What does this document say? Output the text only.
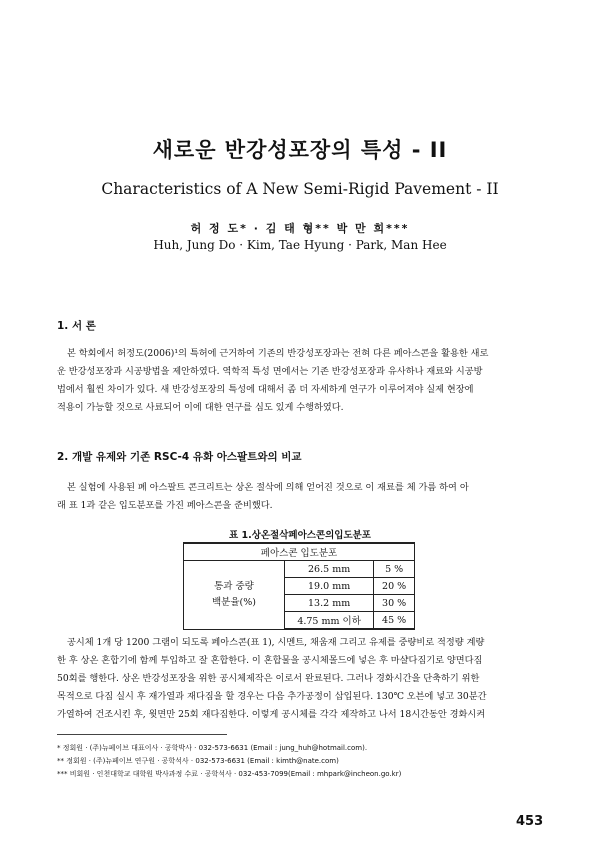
새로운 반강성포장의 특성 - II
Characteristics of A New Semi-Rigid Pavement - II
허 정 도* · 김 태 형** 박 만 희***
Huh, Jung Do · Kim, Tae Hyung · Park, Man Hee
1. 서 론
본 학회에서 허정도(2006)¹의 특허에 근거하여 기존의 반강성포장과는 전혀 다른 페아스콘을 활용한 새로
운 반강성포장과 시공방법을 제안하였다. 역학적 특성 면에서는 기존 반강성포장과 유사하나 재료와 시공방
법에서 훨씬 차이가 있다. 새 반강성포장의 특성에 대해서 좀 더 자세하게 연구가 이루어져야 실제 현장에
적용이 가능할 것으로 사료되어 이에 대한 연구를 심도 있게 수행하였다.
2. 개발 유제와 기존 RSC-4 유화 아스팔트와의 비교
본 실험에 사용된 폐 아스팔트 콘크리트는 상온 절삭에 의해 얻어진 것으로 이 재료를 체 가름 하여 아
래 표 1과 같은 입도분포를 가진 페아스콘을 준비했다.
표 1.상온절삭페아스콘의입도분포
페아스콘 입도분포		
통과 중량
백분율(%)	26.5 mm	5 %
	19.0 mm	20 %
	13.2 mm	30 %
	4.75 mm 이하	45 %
공시체 1개 당 1200 그램이 되도록 페아스콘(표 1), 시멘트, 채움재 그리고 유제를 중량비로 적정량 계량
한 후 상온 혼합기에 함께 투입하고 잘 혼합한다. 이 혼합물을 공시체몰드에 넣은 후 마샬다짐기로 양면다짐
50회를 행한다. 상온 반강성포장을 위한 공시체제작은 이로서 완료된다. 그러나 경화시간을 단축하기 위한
목적으로 다짐 실시 후 재가열과 재다짐을 할 경우는 다음 추가공정이 삽입된다. 130℃ 오븐에 넣고 30분간
가열하여 건조시킨 후, 윗면만 25회 재다짐한다. 이렇게 공시체를 각각 제작하고 나서 18시간동안 경화시켜
* 정회원 · (주)뉴페이브 대표이사 · 공학박사 · 032-573-6631 (Email : jung_huh@hotmail.com).
** 정회원 · (주)뉴페이브 연구원 · 공학석사 · 032-573-6631 (Email : kimth@nate.com)
*** 비회원 · 인천대학교 대학원 박사과정 수료 · 공학석사 · 032-453-7099(Email : mhpark@incheon.go.kr)
453
